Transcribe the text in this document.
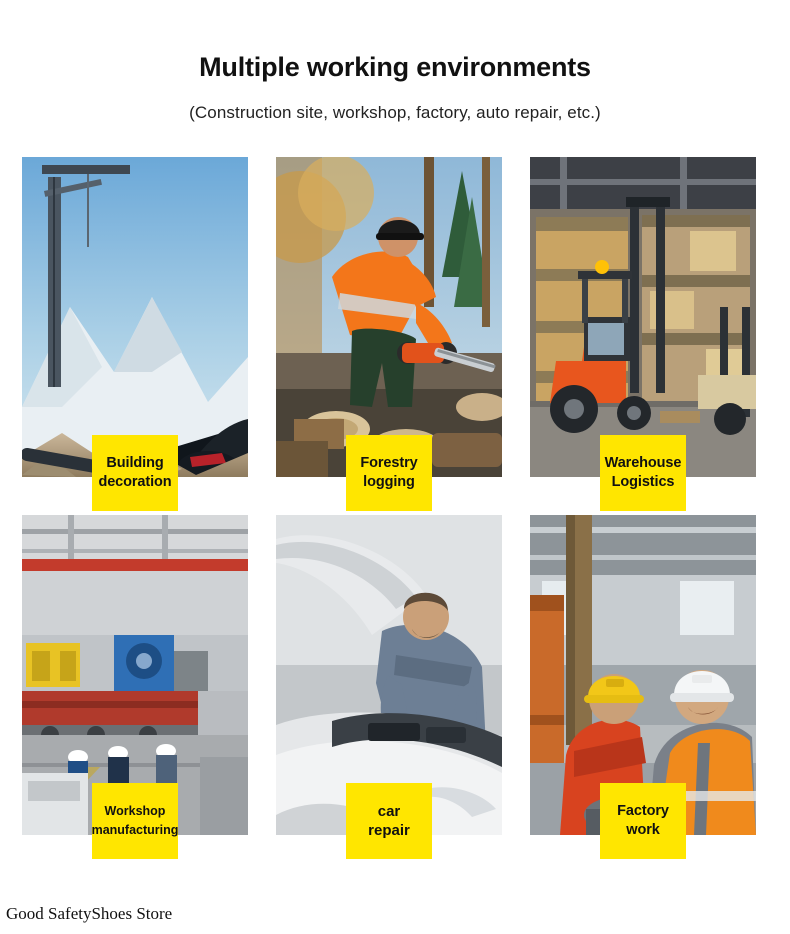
Multiple working environments

(Construction site, workshop, factory, auto repair, etc.)

Building
decoration
Forestry
logging
Warehouse
Logistics
Workshop
manufacturing
car repair
Factory
work
Good SafetyShoes Store
